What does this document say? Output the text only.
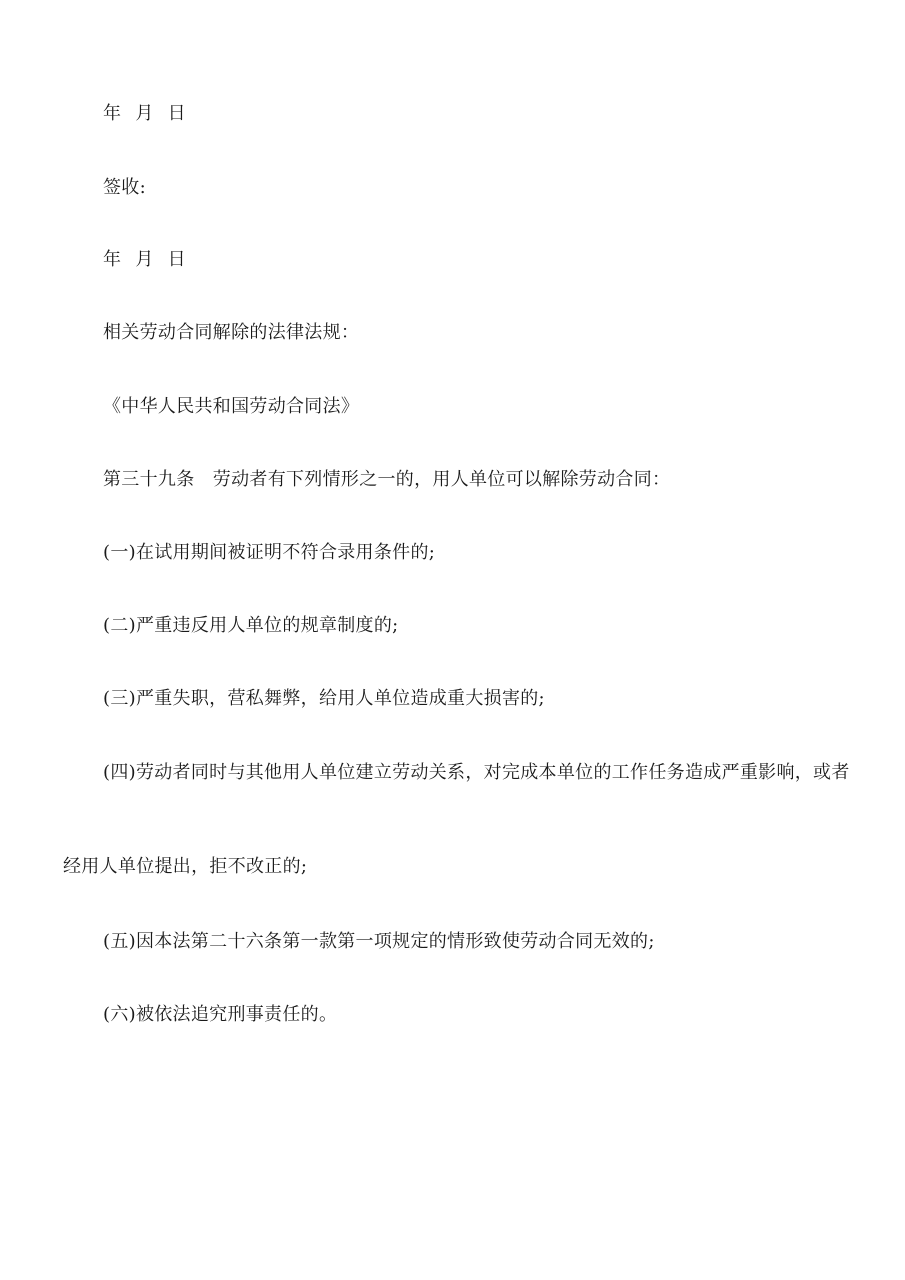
年 月 日
签收:
年 月 日
相关劳动合同解除的法律法规：
《中华人民共和国劳动合同法》
第三十九条　劳动者有下列情形之一的，用人单位可以解除劳动合同：
(一)在试用期间被证明不符合录用条件的;
(二)严重违反用人单位的规章制度的;
(三)严重失职，营私舞弊，给用人单位造成重大损害的;
(四)劳动者同时与其他用人单位建立劳动关系，对完成本单位的工作任务造成严重影响，或者
经用人单位提出，拒不改正的;
(五)因本法第二十六条第一款第一项规定的情形致使劳动合同无效的;
(六)被依法追究刑事责任的。
